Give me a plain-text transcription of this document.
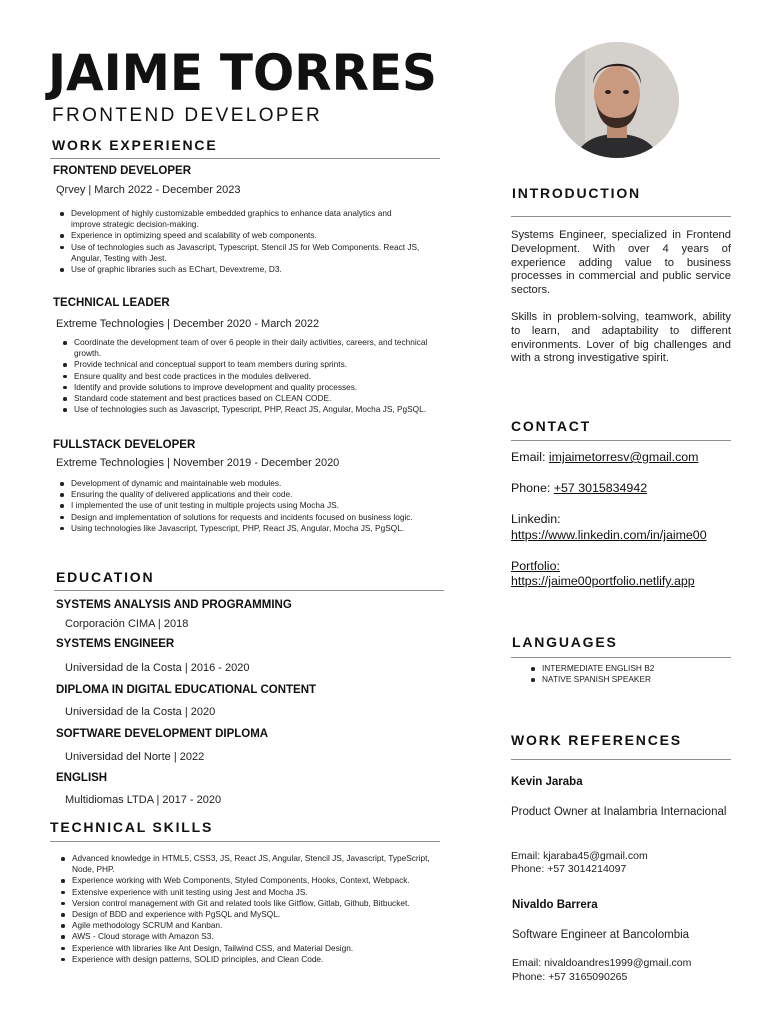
JAIME TORRES
FRONTEND DEVELOPER
WORK EXPERIENCE
FRONTEND DEVELOPER
Qrvey | March 2022 - December 2023
Development of highly customizable embedded graphics to enhance data analytics and improve strategic decision-making.
Experience in optimizing speed and scalability of web components.
Use of technologies such as Javascript, Typescript, Stencil JS for Web Components. React JS, Angular, Testing with Jest.
Use of graphic libraries such as EChart, Devextreme, D3.
TECHNICAL LEADER
Extreme Technologies | December 2020 - March 2022
Coordinate the development team of over 6 people in their daily activities, careers, and technical growth.
Provide technical and conceptual support to team members during sprints.
Ensure quality and best code practices in the modules delivered.
Identify and provide solutions to improve development and quality processes.
Standard code statement and best practices based on CLEAN CODE.
Use of technologies such as Javascript, Typescript, PHP, React JS, Angular, Mocha JS, PgSQL.
FULLSTACK DEVELOPER
Extreme Technologies | November 2019 - December 2020
Development of dynamic and maintainable web modules.
Ensuring the quality of delivered applications and their code.
I implemented the use of unit testing in multiple projects using Mocha JS.
Design and implementation of solutions for requests and incidents focused on business logic.
Using technologies like Javascript, Typescript, PHP, React JS, Angular, Mocha JS, PgSQL.
EDUCATION
SYSTEMS ANALYSIS AND PROGRAMMING
Corporación CIMA | 2018
SYSTEMS ENGINEER
Universidad de la Costa | 2016 - 2020
DIPLOMA IN DIGITAL EDUCATIONAL CONTENT
Universidad de la Costa | 2020
SOFTWARE DEVELOPMENT DIPLOMA
Universidad del Norte | 2022
ENGLISH
Multidiomas LTDA | 2017 - 2020
TECHNICAL SKILLS
Advanced knowledge in HTML5, CSS3, JS, React JS, Angular, Stencil JS, Javascript, TypeScript, Node, PHP.
Experience working with Web Components, Styled Components, Hooks, Context, Webpack.
Extensive experience with unit testing using Jest and Mocha JS.
Version control management with Git and related tools like Gitflow, Gitlab, Github, Bitbucket.
Design of BDD and experience with PgSQL and MySQL.
Agile methodology SCRUM and Kanban.
AWS - Cloud storage with Amazon S3.
Experience with libraries like Ant Design, Tailwind CSS, and Material Design.
Experience with design patterns, SOLID principles, and Clean Code.
INTRODUCTION
Systems Engineer, specialized in Frontend Development. With over 4 years of experience adding value to business processes in commercial and public service sectors.
Skills in problem-solving, teamwork, ability to learn, and adaptability to different environments. Lover of big challenges and with a strong investigative spirit.
CONTACT
Email: imjaimetorresv@gmail.com
Phone: +57 3015834942
Linkedin:
https://www.linkedin.com/in/jaime00
Portfolio:
https://jaime00portfolio.netlify.app
LANGUAGES
INTERMEDIATE ENGLISH B2
NATIVE SPANISH SPEAKER
WORK REFERENCES
Kevin Jaraba
Product Owner at Inalambria Internacional
Email: kjaraba45@gmail.com
Phone: +57 3014214097
Nivaldo Barrera
Software Engineer at Bancolombia
Email: nivaldoandres1999@gmail.com
Phone: +57 3165090265
